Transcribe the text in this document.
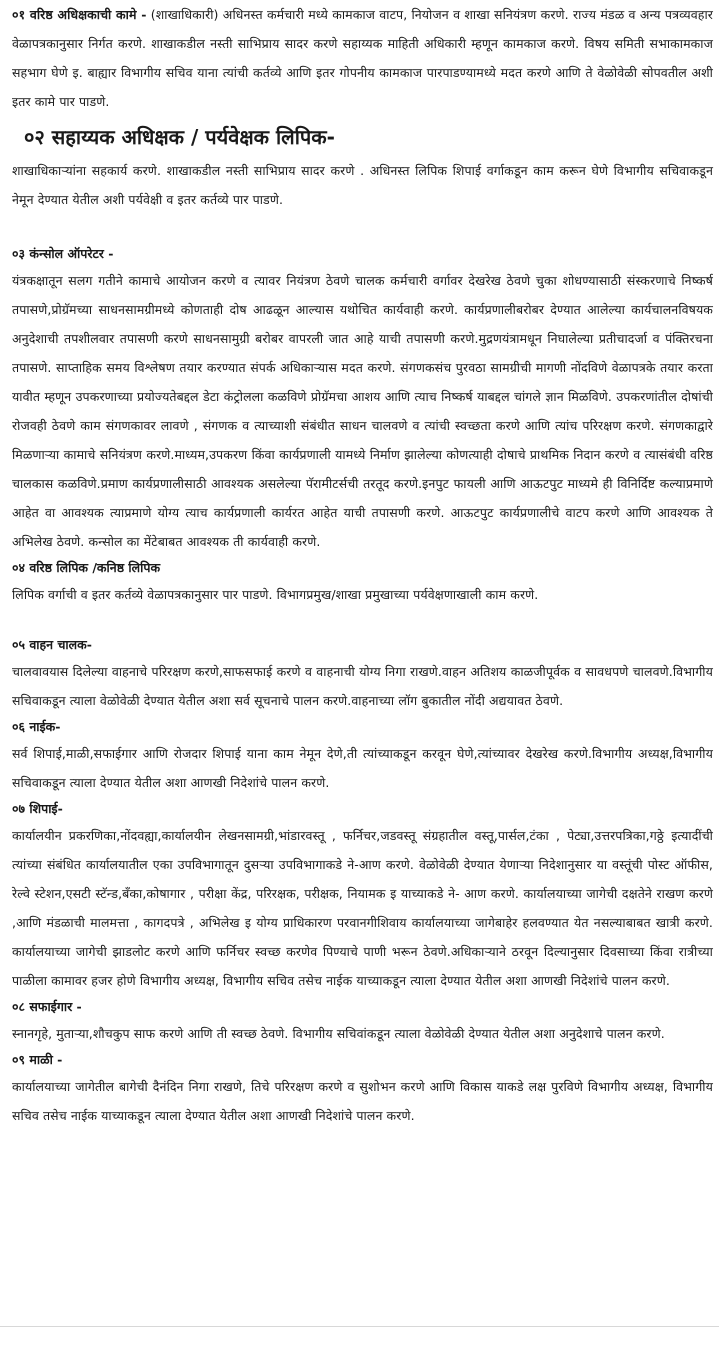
०१ वरिष्ठ अधिक्षकाची कामे - (शाखाधिकारी) अधिनस्त कर्मचारी मध्ये कामकाज वाटप, नियोजन व शाखा सनियंत्रण करणे. राज्य मंडळ व अन्य पत्रव्यवहार वेळापत्रकानुसार निर्गत करणे. शाखाकडील नस्ती साभिप्राय सादर करणे सहाय्यक माहिती अधिकारी म्हणून कामकाज करणे. विषय समिती सभाकामकाज सहभाग घेणे इ. बाह्यार विभागीय सचिव याना त्यांची कर्तव्ये आणि इतर गोपनीय कामकाज पारपाडण्यामध्ये मदत करणे आणि ते वेळोवेळी सोपवतील अशी इतर कामे पार पाडणे.

०२ सहाय्यक अधिक्षक / पर्यवेक्षक लिपिक-

शाखाधिकाऱ्यांना सहकार्य करणे. शाखाकडील नस्ती साभिप्राय सादर करणे . अधिनस्त लिपिक शिपाई वर्गाकडून काम करून घेणे विभागीय सचिवाकडून नेमून देण्यात येतील अशी पर्यवेक्षी व इतर कर्तव्ये पार पाडणे.

०३ कंन्सोल ऑपरेटर -

यंत्रकक्षातून सलग गतीने कामाचे आयोजन करणे व त्यावर नियंत्रण ठेवणे चालक कर्मचारी वर्गावर देखरेख ठेवणे चुका शोधण्यासाठी संस्करणाचे निष्कर्ष तपासणे,प्रोग्रॅमच्या साधनसामग्रीमध्ये कोणताही दोष आढळून आल्यास यथोचित कार्यवाही करणे. कार्यप्रणालीबरोबर देण्यात आलेल्या कार्यचालनविषयक अनुदेशाची तपशीलवार तपासणी करणे साधनसामुग्री बरोबर वापरली जात आहे याची तपासणी करणे.मुद्रणयंत्रामधून निघालेल्या प्रतीचादर्जा व पंक्तिरचना तपासणे. साप्ताहिक समय विश्लेषण तयार करण्यात संपर्क अधिकाऱ्यास मदत करणे. संगणकसंच पुरवठा सामग्रीची मागणी नोंदविणे वेळापत्रके तयार करता यावीत म्हणून उपकरणाच्या प्रयोज्यतेबद्दल डेटा कंट्रोलला कळविणे प्रोग्रॅमचा आशय आणि त्याच निष्कर्ष याबद्दल चांगले ज्ञान मिळविणे. उपकरणांतील दोषांची रोजवही ठेवणे काम संगणकावर लावणे , संगणक व त्याच्याशी संबंधीत साधन चालवणे व त्यांची स्वच्छता करणे आणि त्यांच परिरक्षण करणे. संगणकाद्वारे मिळणाऱ्या कामाचे सनियंत्रण करणे.माध्यम,उपकरण किंवा कार्यप्रणाली यामध्ये निर्माण झालेल्या कोणत्याही दोषाचे प्राथमिक निदान करणे व त्यासंबंधी वरिष्ठ चालकास कळविणे.प्रमाण कार्यप्रणालीसाठी आवश्यक असलेल्या पॅरामीटर्सची तरतूद करणे.इनपुट फायली आणि आऊटपुट माध्यमे ही विनिर्दिष्ट कल्याप्रमाणे आहेत वा आवश्यक त्याप्रमाणे योग्य त्याच कार्यप्रणाली कार्यरत आहेत याची तपासणी करणे. आऊटपुट कार्यप्रणालीचे वाटप करणे आणि आवश्यक ते अभिलेख ठेवणे. कन्सोल का मेंटेबाबत आवश्यक ती कार्यवाही करणे.

०४ वरिष्ठ लिपिक /कनिष्ठ लिपिक

लिपिक वर्गाची व इतर कर्तव्ये वेळापत्रकानुसार पार पाडणे. विभागप्रमुख/शाखा प्रमुखाच्या पर्यवेक्षणाखाली काम करणे.

०५ वाहन चालक-

चालवावयास दिलेल्या वाहनाचे परिरक्षण करणे,साफसफाई करणे व वाहनाची योग्य निगा राखणे.वाहन अतिशय काळजीपूर्वक व सावधपणे चालवणे.विभागीय सचिवाकडून त्याला वेळोवेळी देण्यात येतील अशा सर्व सूचनाचे पालन करणे.वाहनाच्या लॉग बुकातील नोंदी अद्ययावत ठेवणे.

०६ नाईक-

सर्व शिपाई,माळी,सफाईगार आणि रोजदार शिपाई याना काम नेमून देणे,ती त्यांच्याकडून करवून घेणे,त्यांच्यावर देखरेख करणे.विभागीय अध्यक्ष,विभागीय सचिवाकडून त्याला देण्यात येतील अशा आणखी निदेशांचे पालन करणे.

०७ शिपाई-

कार्यालयीन प्रकरणिका,नोंदवह्या,कार्यालयीन लेखनसामग्री,भांडारवस्तू , फर्निचर,जडवस्तू संग्रहातील वस्तू,पार्सल,टंका , पेट्या,उत्तरपत्रिका,गठ्ठे इत्यादींची त्यांच्या संबंधित कार्यालयातील एका उपविभागातून दुसऱ्या उपविभागाकडे ने-आण करणे. वेळोवेळी देण्यात येणाऱ्या निदेशानुसार या वस्तूंची पोस्ट ऑफीस, रेल्वे स्टेशन,एसटी स्टॅन्ड,बँका,कोषागार , परीक्षा केंद्र, परिरक्षक, परीक्षक, नियामक इ याच्याकडे ने- आण करणे. कार्यालयाच्या जागेची दक्षतेने राखण करणे ,आणि मंडळाची मालमत्ता , कागदपत्रे , अभिलेख इ योग्य प्राधिकारण परवानगीशिवाय कार्यालयाच्या जागेबाहेर हलवण्यात येत नसल्याबाबत खात्री करणे. कार्यालयाच्या जागेची झाडलोट करणे आणि फर्निचर स्वच्छ करणेव पिण्याचे पाणी भरून ठेवणे.अधिकाऱ्याने ठरवून दिल्यानुसार दिवसाच्या किंवा रात्रीच्या पाळीला कामावर हजर होणे विभागीय अध्यक्ष, विभागीय सचिव तसेच नाईक याच्याकडून त्याला देण्यात येतील अशा आणखी निदेशांचे पालन करणे.

०८ सफाईगार -

स्नानगृहे, मुताऱ्या,शौचकुप साफ करणे आणि ती स्वच्छ ठेवणे. विभागीय सचिवांकडून त्याला वेळोवेळी देण्यात येतील अशा अनुदेशाचे पालन करणे.

०९ माळी -

कार्यालयाच्या जागेतील बागेची दैनंदिन निगा राखणे, तिचे परिरक्षण करणे व सुशोभन करणे आणि विकास याकडे लक्ष पुरविणे विभागीय अध्यक्ष, विभागीय सचिव तसेच नाईक याच्याकडून त्याला देण्यात येतील अशा आणखी निदेशांचे पालन करणे.
